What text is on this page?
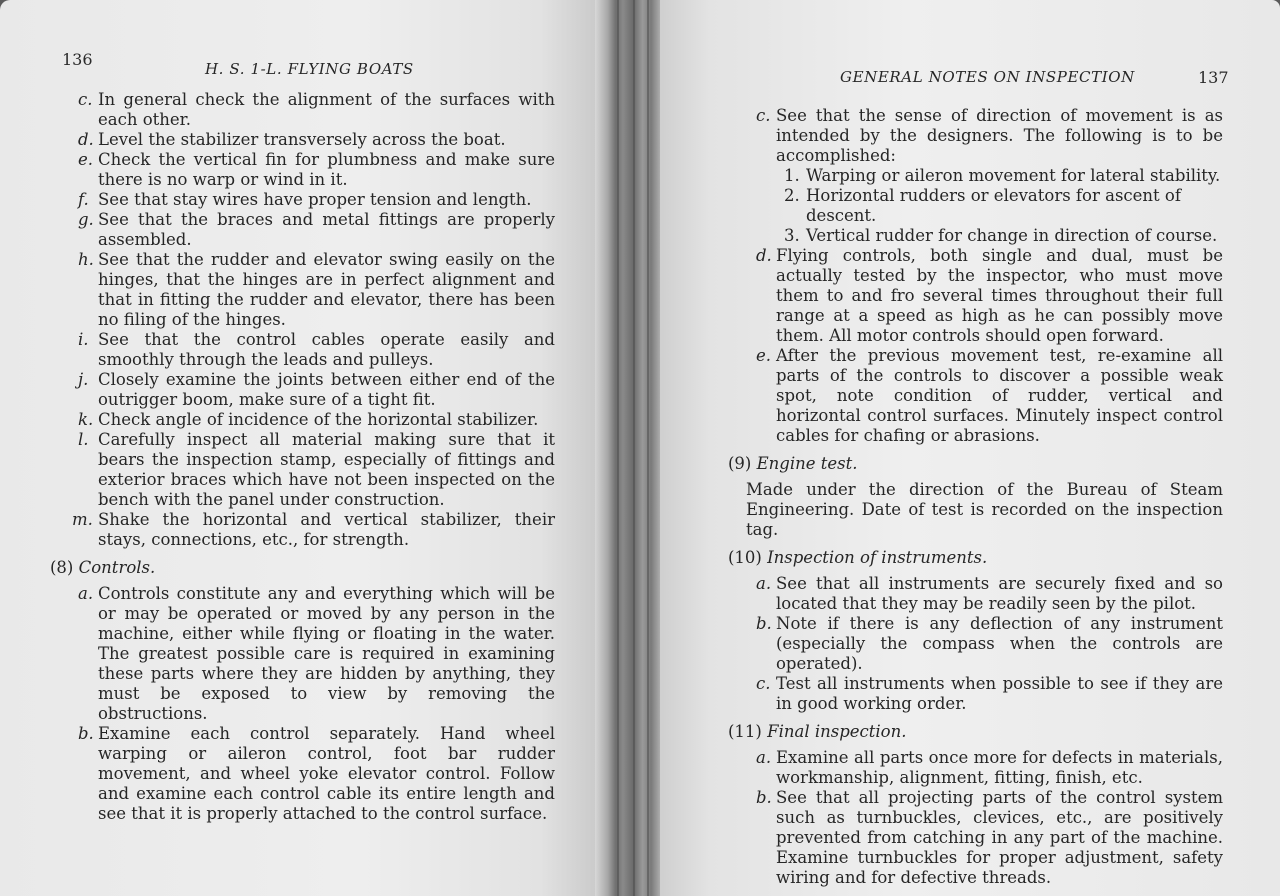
136	H. S. 1-L. FLYING BOATS

c. In general check the alignment of the surfaces with each other.

d. Level the stabilizer transversely across the boat.

e. Check the vertical fin for plumbness and make sure there is no warp or wind in it.

f. See that stay wires have proper tension and length.

g. See that the braces and metal fittings are properly assembled.

h. See that the rudder and elevator swing easily on the hinges, that the hinges are in perfect alignment and that in fitting the rudder and elevator, there has been no filing of the hinges.

i. See that the control cables operate easily and smoothly through the leads and pulleys.

j. Closely examine the joints between either end of the outrigger boom, make sure of a tight fit.

k. Check angle of incidence of the horizontal stabilizer.

l. Carefully inspect all material making sure that it bears the inspection stamp, especially of fittings and exterior braces which have not been inspected on the bench with the panel under construction.

m. Shake the horizontal and vertical stabilizer, their stays, connections, etc., for strength.

(8) Controls.

a. Controls constitute any and everything which will be or may be operated or moved by any person in the machine, either while flying or floating in the water. The greatest possible care is required in examining these parts where they are hidden by anything, they must be exposed to view by removing the obstructions.

b. Examine each control separately. Hand wheel warping or aileron control, foot bar rudder movement, and wheel yoke elevator control. Follow and examine each control cable its entire length and see that it is properly attached to the control surface.

GENERAL NOTES ON INSPECTION	137

c. See that the sense of direction of movement is as intended by the designers. The following is to be accomplished:

1. Warping or aileron movement for lateral stability.

2. Horizontal rudders or elevators for ascent of descent.

3. Vertical rudder for change in direction of course.

d. Flying controls, both single and dual, must be actually tested by the inspector, who must move them to and fro several times throughout their full range at a speed as high as he can possibly move them. All motor controls should open forward.

e. After the previous movement test, re-examine all parts of the controls to discover a possible weak spot, note condition of rudder, vertical and horizontal control surfaces. Minutely inspect control cables for chafing or abrasions.

(9) Engine test.

Made under the direction of the Bureau of Steam Engineering. Date of test is recorded on the inspection tag.

(10) Inspection of instruments.

a. See that all instruments are securely fixed and so located that they may be readily seen by the pilot.

b. Note if there is any deflection of any instrument (especially the compass when the controls are operated).

c. Test all instruments when possible to see if they are in good working order.

(11) Final inspection.

a. Examine all parts once more for defects in materials, workmanship, alignment, fitting, finish, etc.

b. See that all projecting parts of the control system such as turnbuckles, clevices, etc., are positively prevented from catching in any part of the machine. Examine turnbuckles for proper adjustment, safety wiring and for defective threads.
